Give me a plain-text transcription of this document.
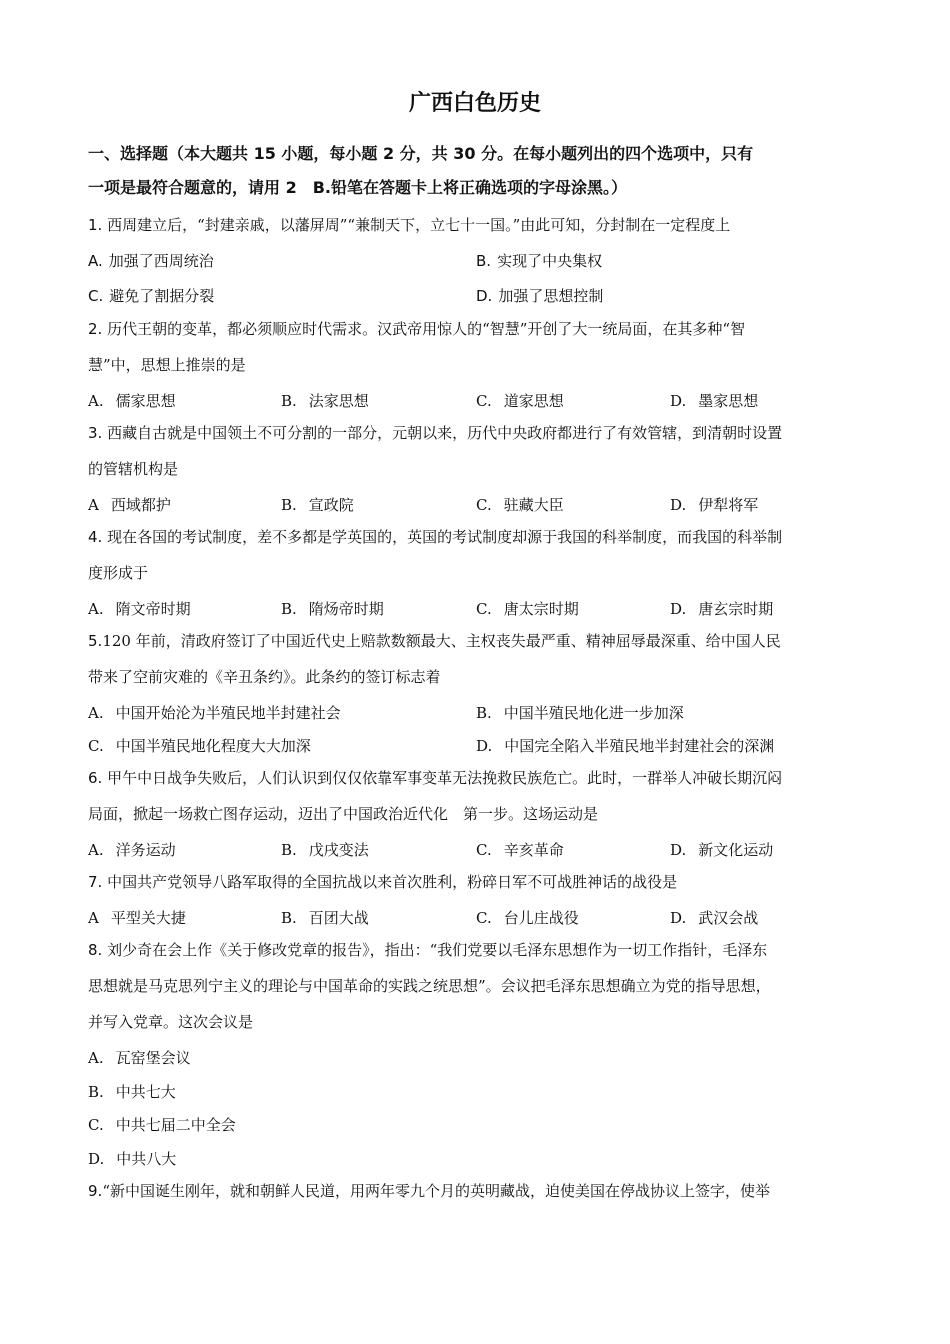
广西白色历史
一、选择题（本大题共 15 小题，每小题 2 分，共 30 分。在每小题列出的四个选项中，只有
一项是最符合题意的，请用 2　B.铅笔在答题卡上将正确选项的字母涂黑。）
1. 西周建立后，“封建亲戚，以藩屏周”“兼制天下，立七十一国。”由此可知，分封制在一定程度上
A. 加强了西周统治	B. 实现了中央集权
C. 避免了割据分裂	D. 加强了思想控制
2. 历代王朝的变革，都必须顺应时代需求。汉武帝用惊人的“智慧”开创了大一统局面，在其多种“智
慧”中，思想上推崇的是
A. 儒家思想	B. 法家思想	C. 道家思想	D. 墨家思想
3. 西藏自古就是中国领土不可分割的一部分，元朝以来，历代中央政府都进行了有效管辖，到清朝时设置
的管辖机构是
A 西域都护	B. 宣政院	C. 驻藏大臣	D. 伊犁将军
4. 现在各国的考试制度，差不多都是学英国的，英国的考试制度却源于我国的科举制度，而我国的科举制
度形成于
A. 隋文帝时期	B. 隋炀帝时期	C. 唐太宗时期	D. 唐玄宗时期
5.120 年前，清政府签订了中国近代史上赔款数额最大、主权丧失最严重、精神屈辱最深重、给中国人民
带来了空前灾难的《辛丑条约》。此条约的签订标志着
A. 中国开始沦为半殖民地半封建社会	B. 中国半殖民地化进一步加深
C. 中国半殖民地化程度大大加深	D. 中国完全陷入半殖民地半封建社会的深渊
6. 甲午中日战争失败后，人们认识到仅仅依靠军事变革无法挽救民族危亡。此时，一群举人冲破长期沉闷
局面，掀起一场救亡图存运动，迈出了中国政治近代化　第一步。这场运动是
A. 洋务运动	B. 戊戌变法	C. 辛亥革命	D. 新文化运动
7. 中国共产党领导八路军取得的全国抗战以来首次胜利，粉碎日军不可战胜神话的战役是
A 平型关大捷	B. 百团大战	C. 台儿庄战役	D. 武汉会战
8. 刘少奇在会上作《关于修改党章的报告》，指出：“我们党要以毛泽东思想作为一切工作指针，毛泽东
思想就是马克思列宁主义的理论与中国革命的实践之统思想”。会议把毛泽东思想确立为党的指导思想，
并写入党章。这次会议是
A. 瓦窑堡会议
B. 中共七大
C. 中共七届二中全会
D. 中共八大
9.“新中国诞生刚年，就和朝鲜人民道，用两年零九个月的英明藏战，迫使美国在停战协议上签字，使举
